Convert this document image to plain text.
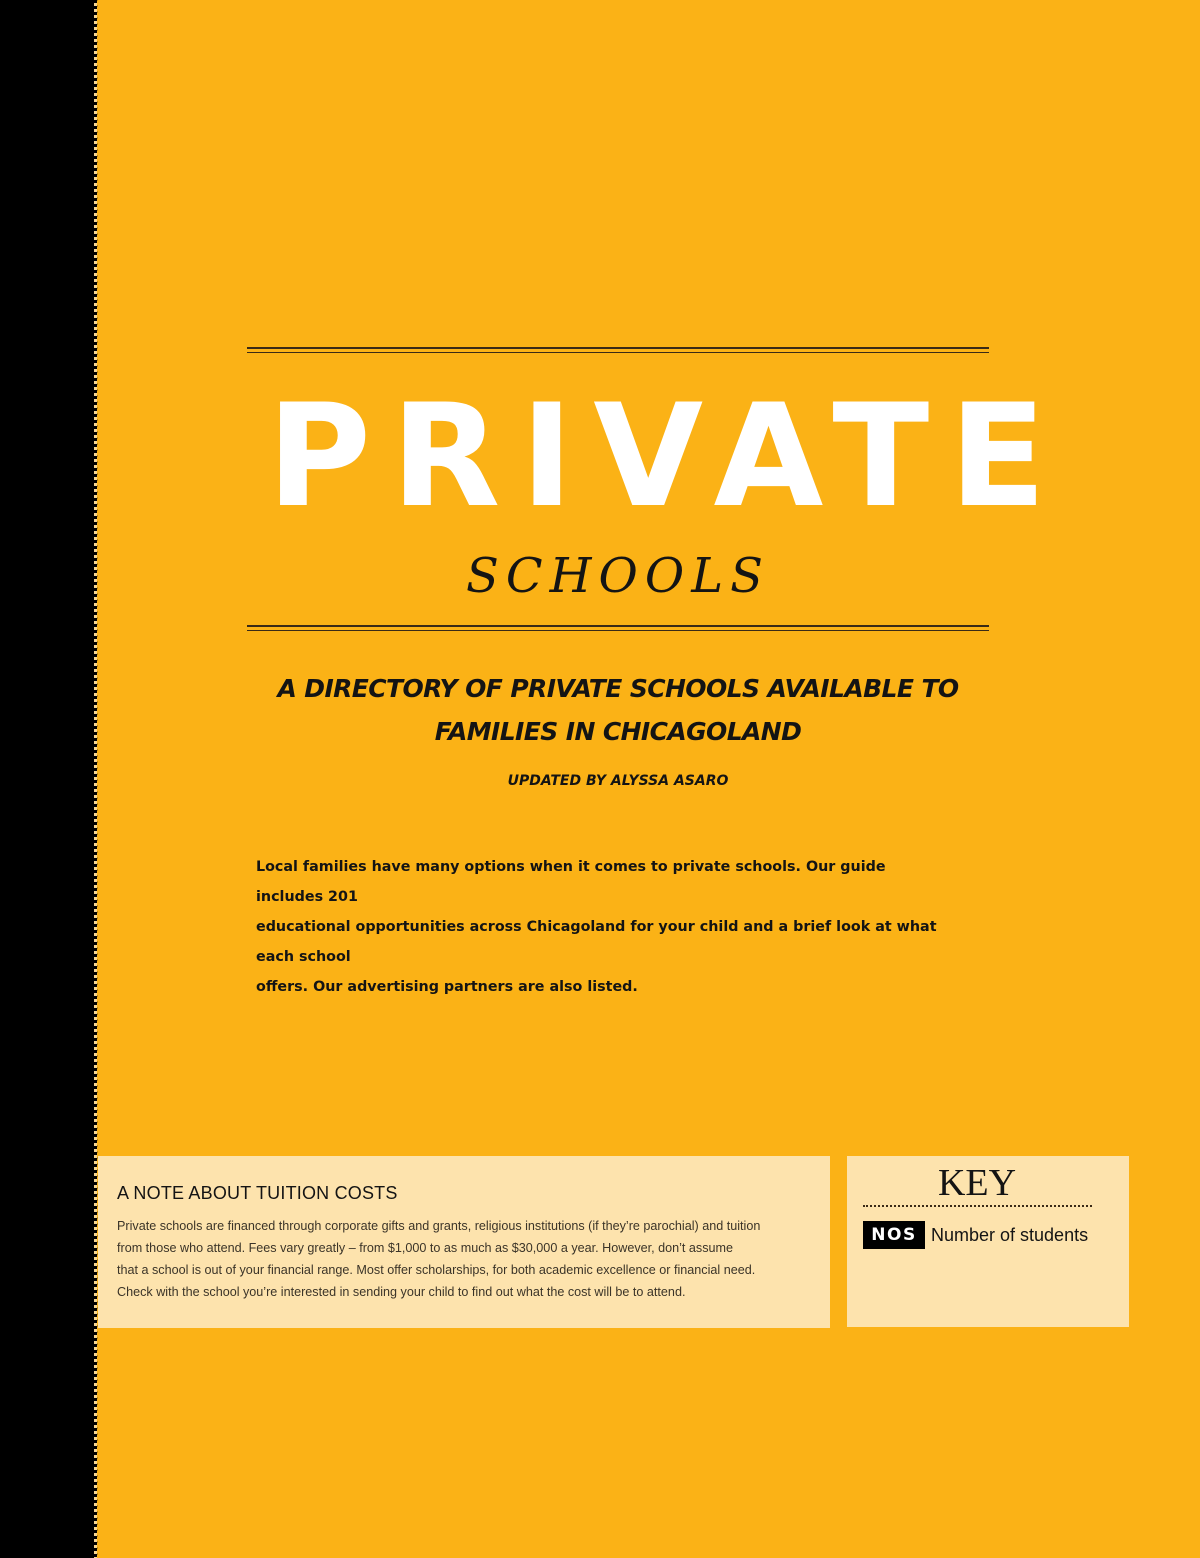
PRIVATE
SCHOOLS
A DIRECTORY OF PRIVATE SCHOOLS AVAILABLE TO
FAMILIES IN CHICAGOLAND
UPDATED BY ALYSSA ASARO
Local families have many options when it comes to private schools. Our guide includes 201
educational opportunities across Chicagoland for your child and a brief look at what each school
offers. Our advertising partners are also listed.
A NOTE ABOUT TUITION COSTS
Private schools are financed through corporate gifts and grants, religious institutions (if they’re parochial) and tuition
from those who attend. Fees vary greatly – from $1,000 to as much as $30,000 a year. However, don’t assume
that a school is out of your financial range. Most offer scholarships, for both academic excellence or financial need.
Check with the school you’re interested in sending your child to find out what the cost will be to attend.
KEY
NOS Number of students
